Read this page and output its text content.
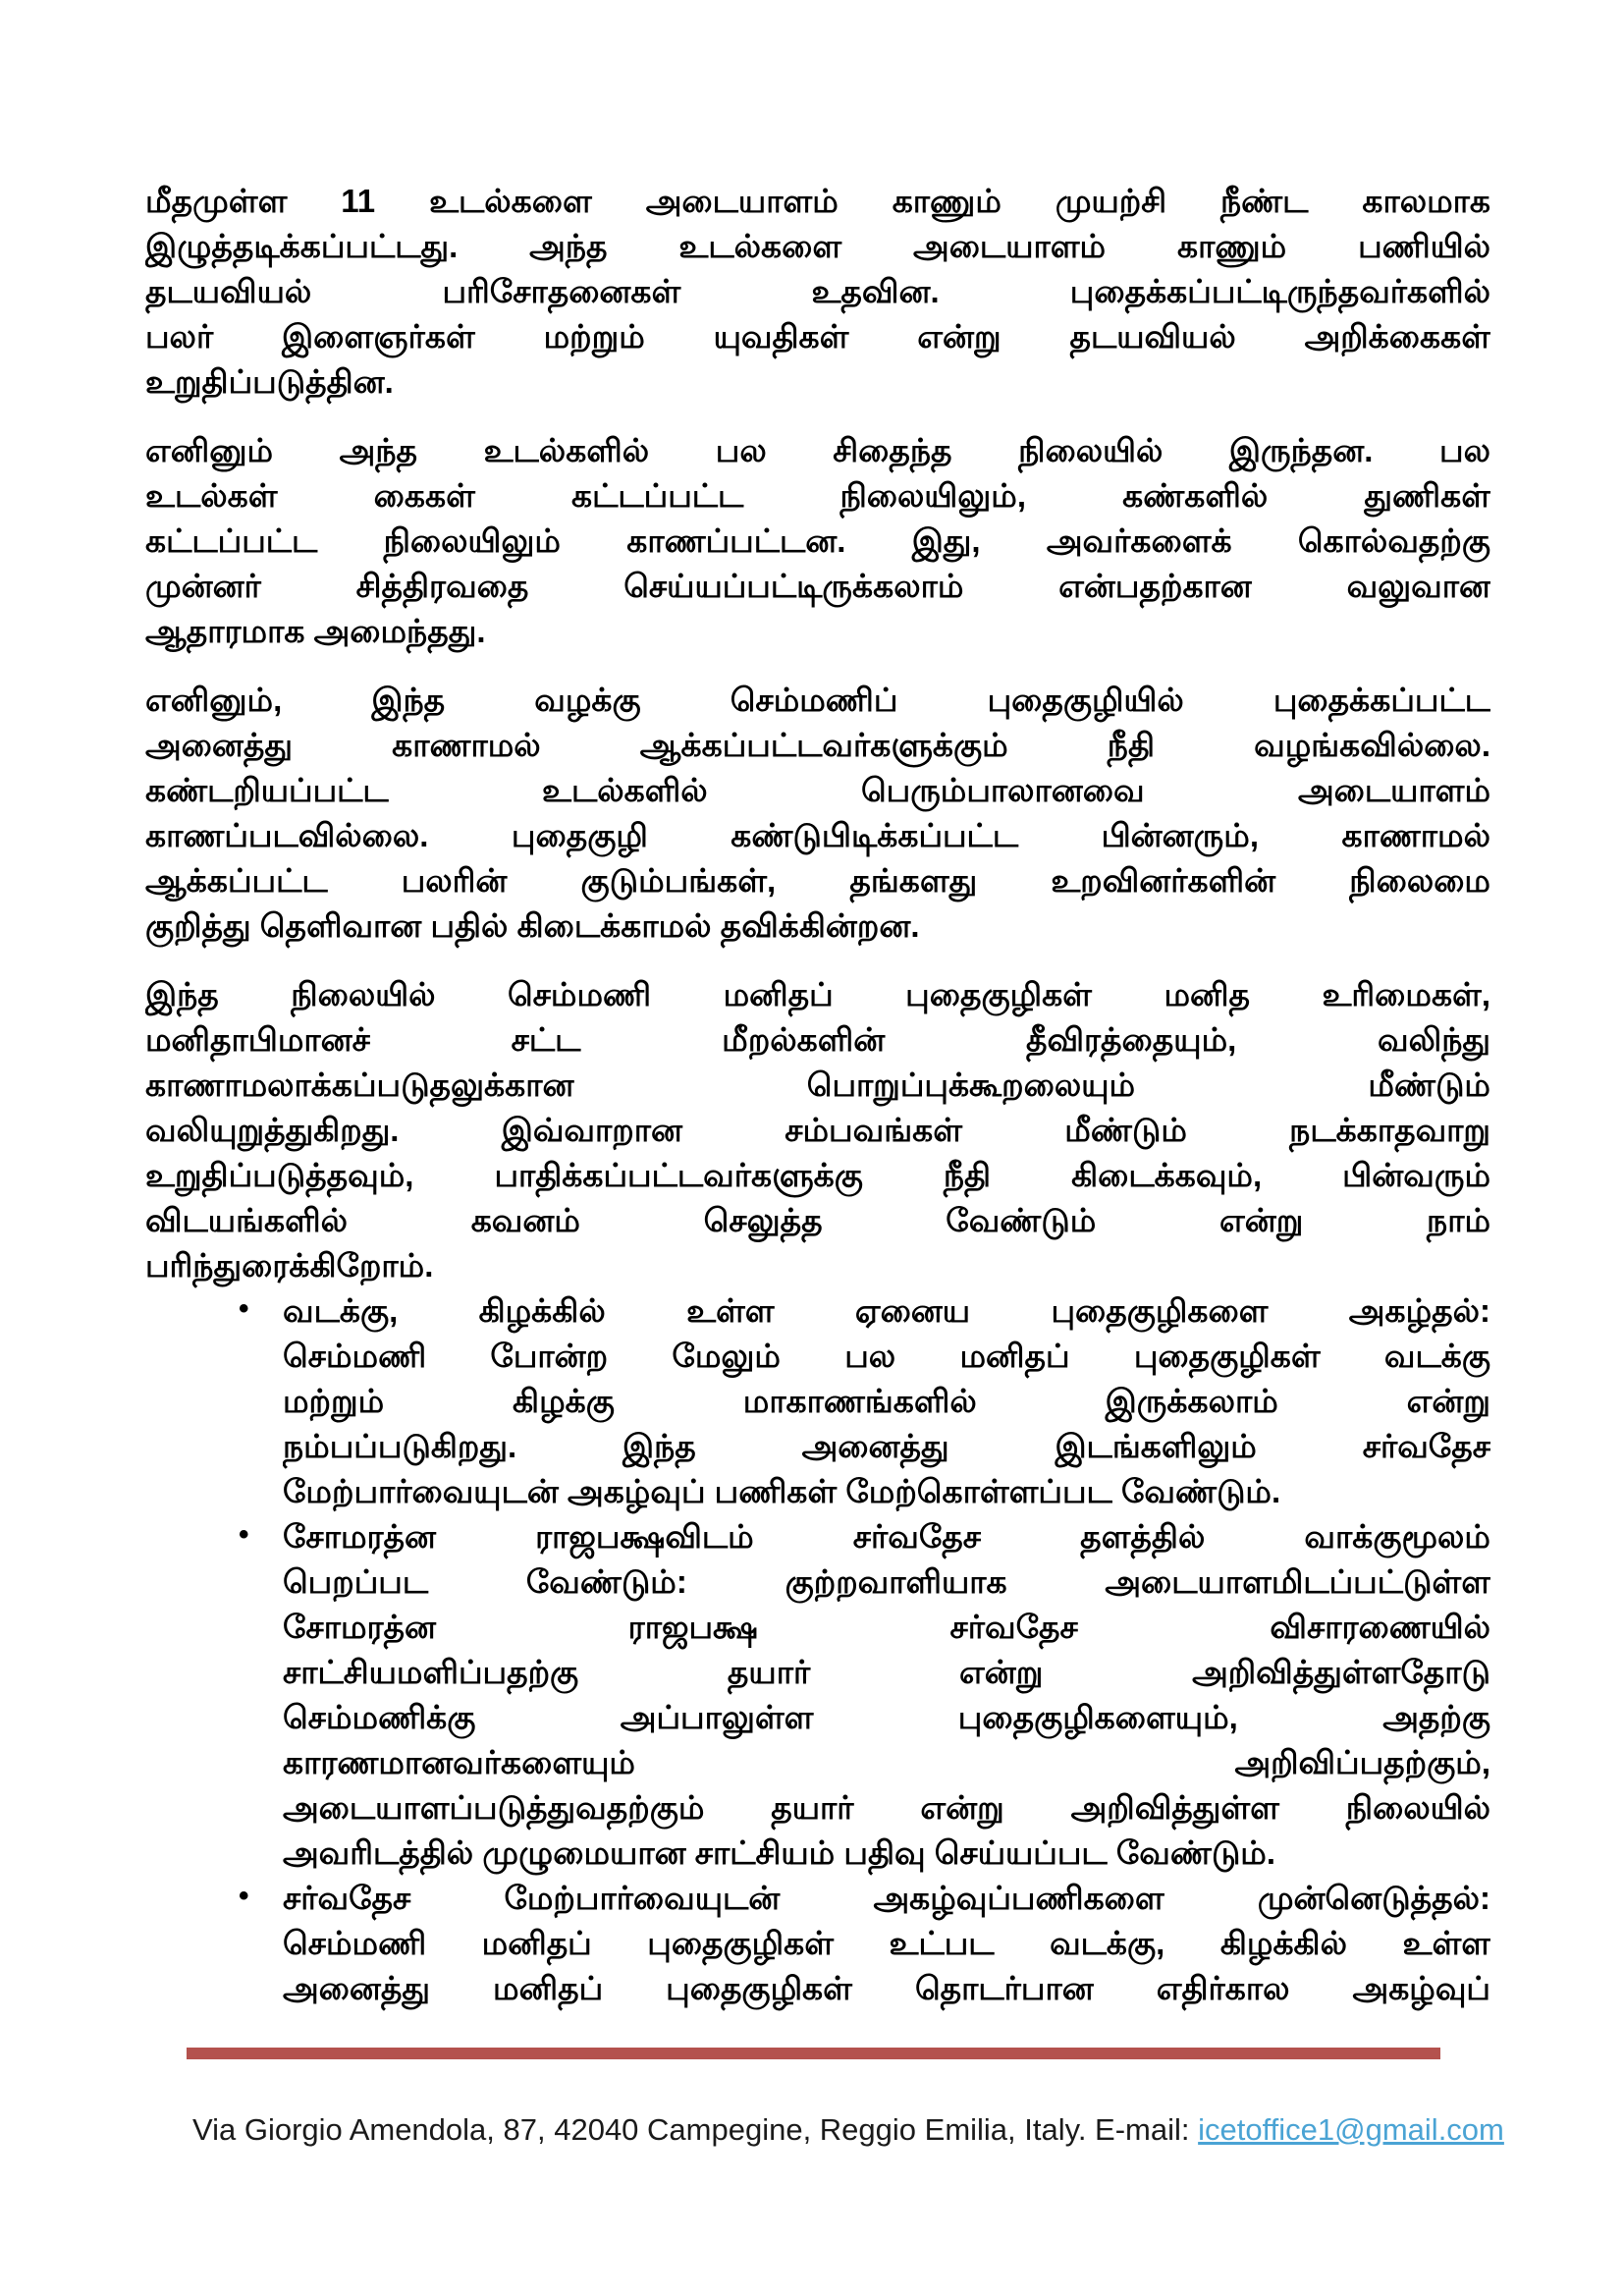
மீதமுள்ள 11 உடல்களை அடையாளம் காணும் முயற்சி நீண்ட காலமாக
இழுத்தடிக்கப்பட்டது. அந்த உடல்களை அடையாளம் காணும் பணியில்
தடயவியல் பரிசோதனைகள் உதவின. புதைக்கப்பட்டிருந்தவர்களில்
பலர் இளைஞர்கள் மற்றும் யுவதிகள் என்று தடயவியல் அறிக்கைகள்
உறுதிப்படுத்தின.
எனினும் அந்த உடல்களில் பல சிதைந்த நிலையில் இருந்தன. பல
உடல்கள் கைகள் கட்டப்பட்ட நிலையிலும், கண்களில் துணிகள்
கட்டப்பட்ட நிலையிலும் காணப்பட்டன. இது, அவர்களைக் கொல்வதற்கு
முன்னர் சித்திரவதை செய்யப்பட்டிருக்கலாம் என்பதற்கான வலுவான
ஆதாரமாக அமைந்தது.
எனினும், இந்த வழக்கு செம்மணிப் புதைகுழியில் புதைக்கப்பட்ட
அனைத்து காணாமல் ஆக்கப்பட்டவர்களுக்கும் நீதி வழங்கவில்லை.
கண்டறியப்பட்ட உடல்களில் பெரும்பாலானவை அடையாளம்
காணப்படவில்லை. புதைகுழி கண்டுபிடிக்கப்பட்ட பின்னரும், காணாமல்
ஆக்கப்பட்ட பலரின் குடும்பங்கள், தங்களது உறவினர்களின் நிலைமை
குறித்து தெளிவான பதில் கிடைக்காமல் தவிக்கின்றன.
இந்த நிலையில் செம்மணி மனிதப் புதைகுழிகள் மனித உரிமைகள்,
மனிதாபிமானச் சட்ட மீறல்களின் தீவிரத்தையும், வலிந்து
காணாமலாக்கப்படுதலுக்கான பொறுப்புக்கூறலையும் மீண்டும்
வலியுறுத்துகிறது. இவ்வாறான சம்பவங்கள் மீண்டும் நடக்காதவாறு
உறுதிப்படுத்தவும், பாதிக்கப்பட்டவர்களுக்கு நீதி கிடைக்கவும், பின்வரும்
விடயங்களில் கவனம் செலுத்த வேண்டும் என்று நாம்
பரிந்துரைக்கிறோம்.
• வடக்கு, கிழக்கில் உள்ள ஏனைய புதைகுழிகளை அகழ்தல்:
செம்மணி போன்ற மேலும் பல மனிதப் புதைகுழிகள் வடக்கு
மற்றும் கிழக்கு மாகாணங்களில் இருக்கலாம் என்று
நம்பப்படுகிறது. இந்த அனைத்து இடங்களிலும் சர்வதேச
மேற்பார்வையுடன் அகழ்வுப் பணிகள் மேற்கொள்ளப்பட வேண்டும்.
• சோமரத்ன ராஜபக்ஷவிடம் சர்வதேச தளத்தில் வாக்குமூலம்
பெறப்பட வேண்டும்: குற்றவாளியாக அடையாளமிடப்பட்டுள்ள
சோமரத்ன ராஜபக்ஷ சர்வதேச விசாரணையில்
சாட்சியமளிப்பதற்கு தயார் என்று அறிவித்துள்ளதோடு
செம்மணிக்கு அப்பாலுள்ள புதைகுழிகளையும், அதற்கு
காரணமானவர்களையும் அறிவிப்பதற்கும்,
அடையாளப்படுத்துவதற்கும் தயார் என்று அறிவித்துள்ள நிலையில்
அவரிடத்தில் முழுமையான சாட்சியம் பதிவு செய்யப்பட வேண்டும்.
• சர்வதேச மேற்பார்வையுடன் அகழ்வுப்பணிகளை முன்னெடுத்தல்:
செம்மணி மனிதப் புதைகுழிகள் உட்பட வடக்கு, கிழக்கில் உள்ள
அனைத்து மனிதப் புதைகுழிகள் தொடர்பான எதிர்கால அகழ்வுப்

Via Giorgio Amendola, 87, 42040 Campegine, Reggio Emilia, Italy. E-mail: icetoffice1@gmail.com
